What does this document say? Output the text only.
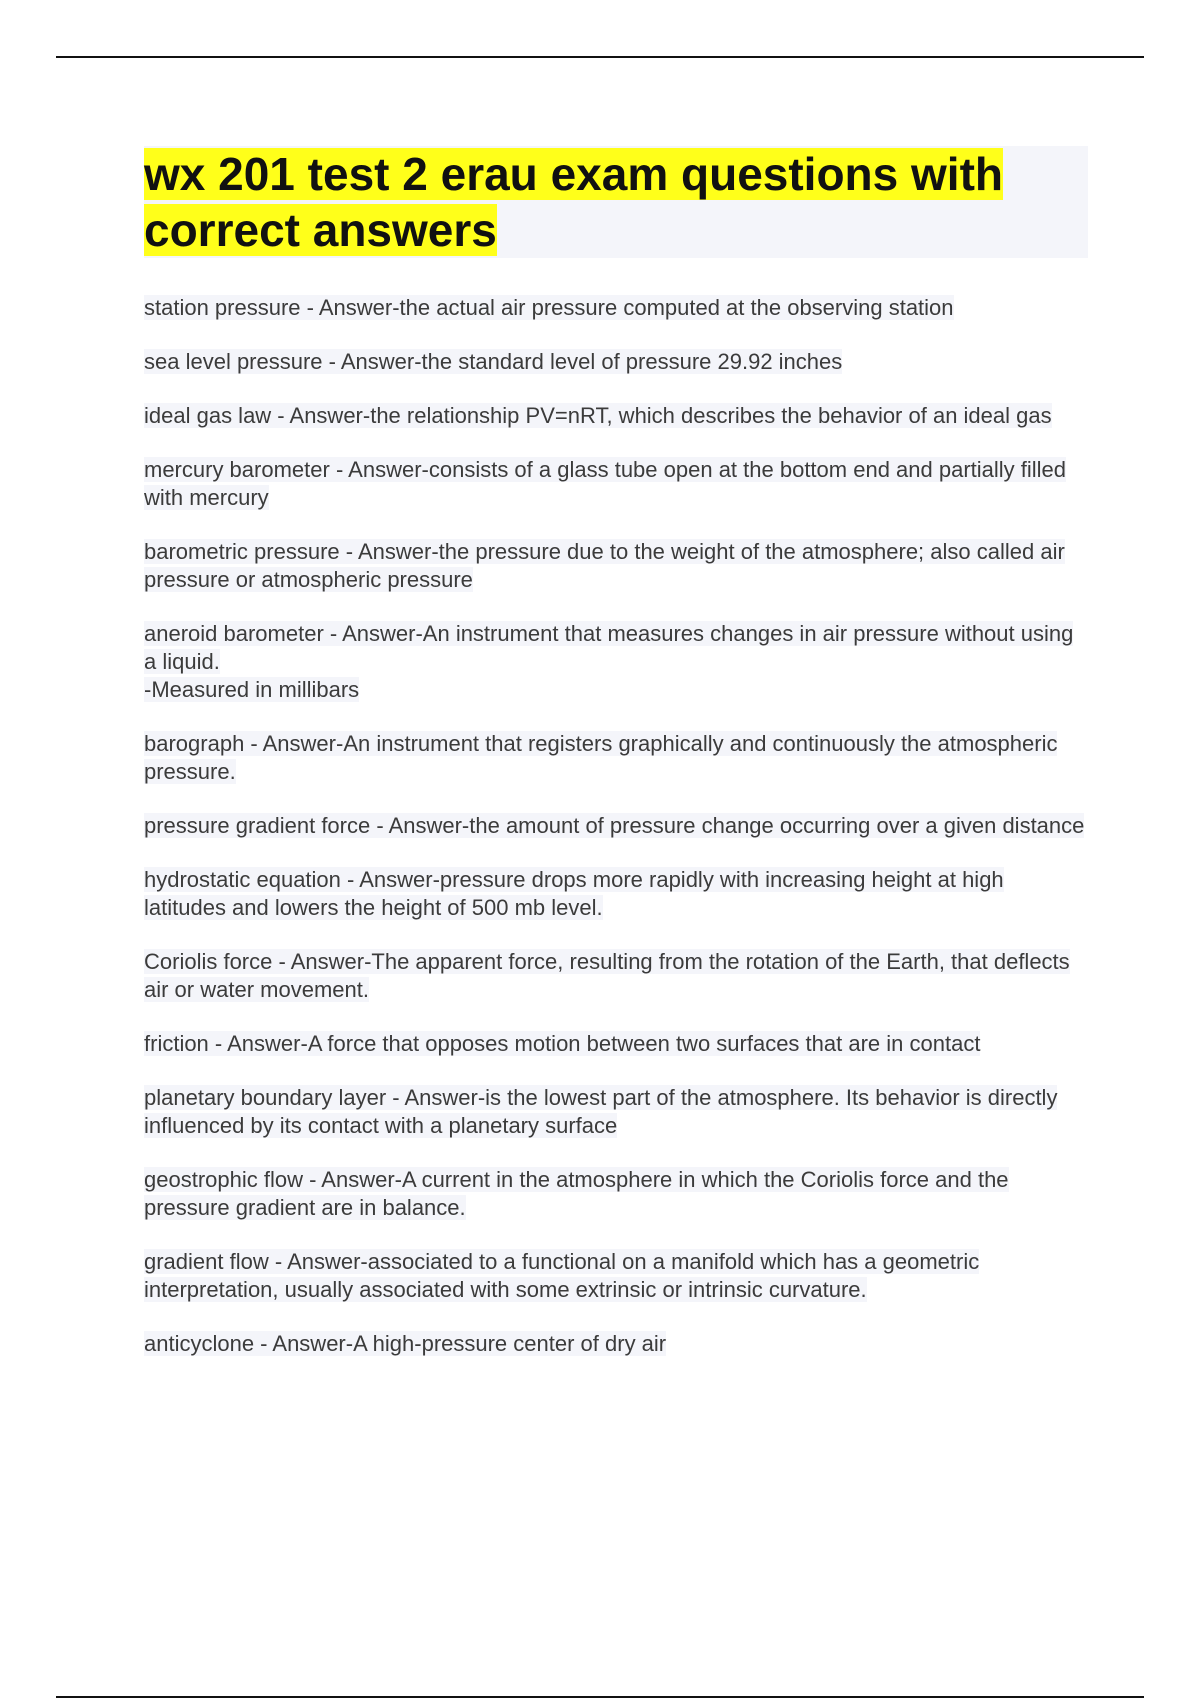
wx 201 test 2 erau exam questions with correct answers
station pressure - Answer-the actual air pressure computed at the observing station
sea level pressure - Answer-the standard level of pressure 29.92 inches
ideal gas law - Answer-the relationship PV=nRT, which describes the behavior of an ideal gas
mercury barometer - Answer-consists of a glass tube open at the bottom end and partially filled with mercury
barometric pressure - Answer-the pressure due to the weight of the atmosphere; also called air pressure or atmospheric pressure
aneroid barometer - Answer-An instrument that measures changes in air pressure without using a liquid.
-Measured in millibars
barograph - Answer-An instrument that registers graphically and continuously the atmospheric pressure.
pressure gradient force - Answer-the amount of pressure change occurring over a given distance
hydrostatic equation - Answer-pressure drops more rapidly with increasing height at high latitudes and lowers the height of 500 mb level.
Coriolis force - Answer-The apparent force, resulting from the rotation of the Earth, that deflects air or water movement.
friction - Answer-A force that opposes motion between two surfaces that are in contact
planetary boundary layer - Answer-is the lowest part of the atmosphere. Its behavior is directly influenced by its contact with a planetary surface
geostrophic flow - Answer-A current in the atmosphere in which the Coriolis force and the pressure gradient are in balance.
gradient flow - Answer-associated to a functional on a manifold which has a geometric interpretation, usually associated with some extrinsic or intrinsic curvature.
anticyclone - Answer-A high-pressure center of dry air
